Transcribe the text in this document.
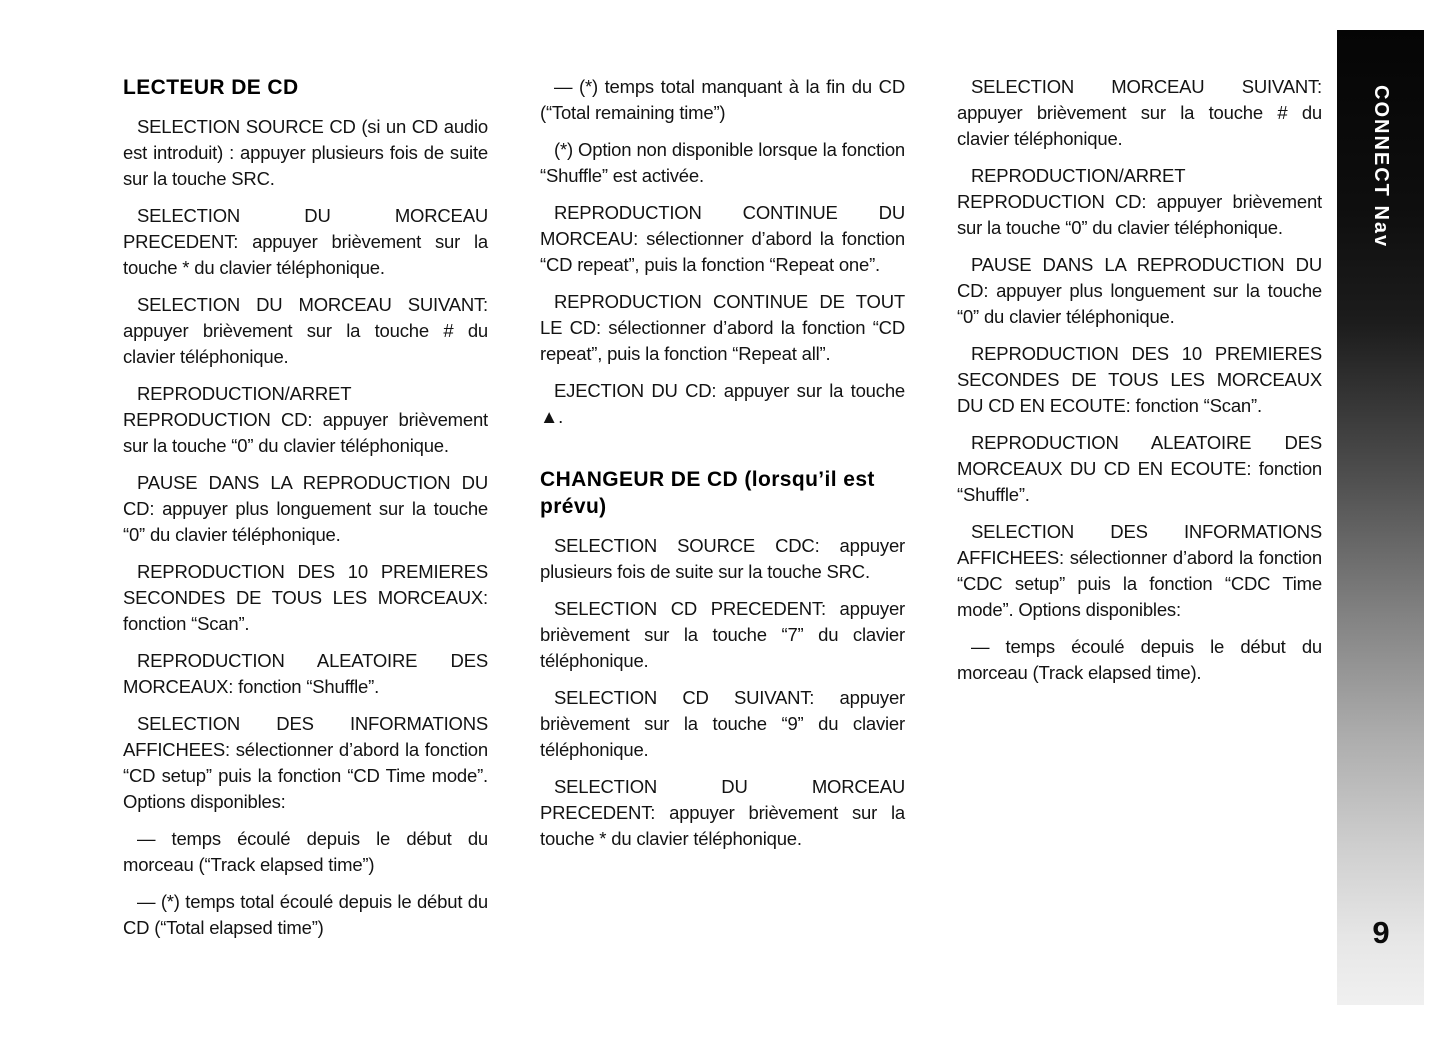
LECTEUR DE CD

SELECTION SOURCE CD (si un CD audio est introduit) : appuyer plusieurs fois de suite sur la touche SRC.

SELECTION DU MORCEAU PRECEDENT: appuyer brièvement sur la touche * du clavier téléphonique.

SELECTION DU MORCEAU SUIVANT: appuyer brièvement sur la touche # du clavier téléphonique.

REPRODUCTION/ARRET REPRODUCTION CD: appuyer brièvement sur la touche “0” du clavier téléphonique.

PAUSE DANS LA REPRODUCTION DU CD: appuyer plus longuement sur la touche “0” du clavier téléphonique.

REPRODUCTION DES 10 PREMIERES SECONDES DE TOUS LES MORCEAUX: fonction “Scan”.

REPRODUCTION ALEATOIRE DES MORCEAUX: fonction “Shuffle”.

SELECTION DES INFORMATIONS AFFICHEES: sélectionner d’abord la fonction “CD setup” puis la fonction “CD Time mode”. Options disponibles:

— temps écoulé depuis le début du morceau (“Track elapsed time”)

— (*) temps total écoulé depuis le début du CD (“Total elapsed time”)

— (*) temps total manquant à la fin du CD (“Total remaining time”)

(*) Option non disponible lorsque la fonction “Shuffle” est activée.

REPRODUCTION CONTINUE DU MORCEAU: sélectionner d’abord la fonction “CD repeat”, puis la fonction “Repeat one”.

REPRODUCTION CONTINUE DE TOUT LE CD: sélectionner d’abord la fonction “CD repeat”, puis la fonction “Repeat all”.

EJECTION DU CD: appuyer sur la touche ▲.

CHANGEUR DE CD (lorsqu’il est prévu)

SELECTION SOURCE CDC: appuyer plusieurs fois de suite sur la touche SRC.

SELECTION CD PRECEDENT: appuyer brièvement sur la touche “7” du clavier téléphonique.

SELECTION CD SUIVANT: appuyer brièvement sur la touche “9” du clavier téléphonique.

SELECTION DU MORCEAU PRECEDENT: appuyer brièvement sur la touche * du clavier téléphonique.

SELECTION MORCEAU SUIVANT: appuyer brièvement sur la touche # du clavier téléphonique.

REPRODUCTION/ARRET REPRODUCTION CD: appuyer brièvement sur la touche “0” du clavier téléphonique.

PAUSE DANS LA REPRODUCTION DU CD: appuyer plus longuement sur la touche “0” du clavier téléphonique.

REPRODUCTION DES 10 PREMIERES SECONDES DE TOUS LES MORCEAUX DU CD EN ECOUTE: fonction “Scan”.

REPRODUCTION ALEATOIRE DES MORCEAUX DU CD EN ECOUTE: fonction “Shuffle”.

SELECTION DES INFORMATIONS AFFICHEES: sélectionner d’abord la fonction “CDC setup” puis la fonction “CDC Time mode”. Options disponibles:

— temps écoulé depuis le début du morceau (Track elapsed time).

CONNECT Nav
9
